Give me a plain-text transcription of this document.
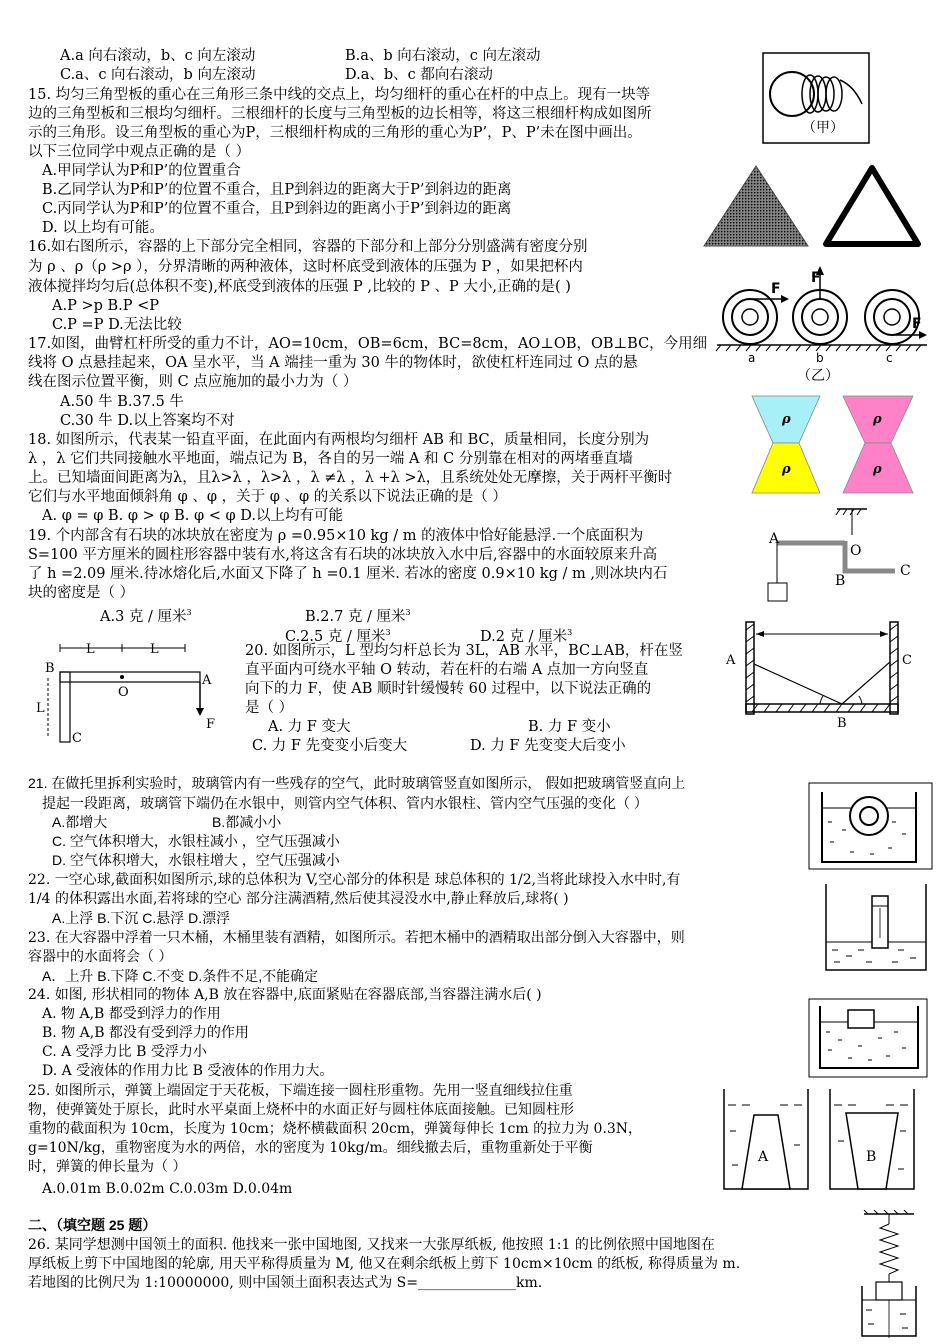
A.a 向右滚动，b、c 向左滚动	B.a、b 向右滚动，c 向左滚动
C.a、c 向右滚动，b 向左滚动	D.a、b、c 都向右滚动
15. 均匀三角型板的重心在三角形三条中线的交点上，均匀细杆的重心在杆的中点上。现有一块等
边的三角型板和三根均匀细杆。三根细杆的长度与三角型板的边长相等，将这三根细杆构成如图所
示的三角形。设三角型板的重心为P，三根细杆构成的三角形的重心为P’，P、P’未在图中画出。
以下三位同学中观点正确的是（ ）
A.甲同学认为P和P’的位置重合
B.乙同学认为P和P’的位置不重合，且P到斜边的距离大于P’到斜边的距离
C.丙同学认为P和P’的位置不重合，且P到斜边的距离小于P’到斜边的距离
D. 以上均有可能。
16.如右图所示，容器的上下部分完全相同，容器的下部分和上部分分别盛满有密度分别
为 ρ 、ρ（ρ >ρ ），分界清晰的两种液体，这时杯底受到液体的压强为 P ，如果把杯内
液体搅拌均匀后(总体积不变),杯底受到液体的压强 P ,比较的 P 、P 大小,正确的是( )
A.P >p B.P <P
C.P =P D.无法比较
17.如图，曲臂杠杆所受的重力不计，AO=10cm，OB=6cm，BC=8cm，AO⊥OB，OB⊥BC，今用细
线将 O 点悬挂起来，OA 呈水平，当 A 端挂一重为 30 牛的物体时，欲使杠杆连同过 O 点的悬
线在图示位置平衡，则 C 点应施加的最小力为（ ）
A.50 牛 B.37.5 牛
C.30 牛 D.以上答案均不对
18. 如图所示，代表某一铅直平面，在此面内有两根均匀细杆 AB 和 BC，质量相同，长度分别为
λ ，λ 它们共同接触水平地面，端点记为 B，各自的另一端 A 和 C 分别靠在相对的两堵垂直墙
上。已知墙面间距离为λ，且λ>λ ，λ>λ ，λ ≠λ ，λ +λ >λ，且系统处处无摩擦，关于两杆平衡时
它们与水平地面倾斜角 φ 、φ ，关于 φ 、φ 的关系以下说法正确的是（ ）
A. φ = φ B. φ > φ B. φ < φ D.以上均有可能
19. 个内部含有石块的冰块放在密度为 ρ =0.95×10 kg / m 的液体中恰好能悬浮.一个底面积为
S=100 平方厘米的圆柱形容器中装有水,将这含有石块的冰块放入水中后,容器中的水面较原来升高
了 h =2.09 厘米.待冰熔化后,水面又下降了 h =0.1 厘米. 若冰的密度 0.9×10 kg / m ,则冰块内石
块的密度是（ ）
A.3 克 / 厘米$^3$	B.2.7 克 / 厘米$^3$
C.2.5 克 / 厘米$^3$	D.2 克 / 厘米$^3$
20. 如图所示，L 型均匀杆总长为 3L，AB 水平，BC⊥AB，杆在竖
直平面内可绕水平轴 O 转动，若在杆的右端 A 点加一方向竖直
向下的力 F，使 AB 顺时针缓慢转 60 过程中，以下说法正确的
是（ ）
A. 力 F 变大	B. 力 F 变小
C. 力 F 先变变小后变大	D. 力 F 先变变大后变小
21. 在做托里拆利实验时，玻璃管内有一些残存的空气，此时玻璃管竖直如图所示， 假如把玻璃管竖直向上
提起一段距离，玻璃管下端仍在水银中，则管内空气体积、管内水银柱、管内空气压强的变化（ ）
A.都增大	B.都减小小
C. 空气体积增大，水银柱减小 ，空气压强减小
D. 空气体积增大，水银柱增大 ，空气压强减小
22. 一空心球,截面积如图所示,球的总体积为 V,空心部分的体积是 球总体积的 1/2,当将此球投入水中时,有
1/4 的体积露出水面,若将球的空心 部分注满酒精,然后使其浸没水中,静止释放后,球将( )
A.上浮 B.下沉 C.悬浮 D.漂浮
23. 在大容器中浮着一只木桶，木桶里装有酒精，如图所示。若把木桶中的酒精取出部分倒入大容器中，则
容器中的水面将会（ ）
A．上升 B.下降 C.不变 D.条件不足,不能确定
24. 如图, 形状相同的物体 A,B 放在容器中,底面紧贴在容器底部,当容器注满水后( )
A. 物 A,B 都受到浮力的作用
B. 物 A,B 都没有受到浮力的作用
C. A 受浮力比 B 受浮力小
D. A 受液体的作用力比 B 受液体的作用力大。
25. 如图所示，弹簧上端固定于天花板，下端连接一圆柱形重物。先用一竖直细线拉住重
物，使弹簧处于原长，此时水平桌面上烧杯中的水面正好与圆柱体底面接触。已知圆柱形
重物的截面积为 10cm，长度为 10cm；烧杯横截面积 20cm，弹簧每伸长 1cm 的拉力为 0.3N，
g=10N/kg，重物密度为水的两倍，水的密度为 10kg/m。细线撤去后，重物重新处于平衡
时，弹簧的伸长量为（ ）
A.0.01m B.0.02m C.0.03m D.0.04m
二、（填空题 25 题）
26. 某同学想测中国领土的面积. 他找来一张中国地图, 又找来一大张厚纸板, 他按照 1:1 的比例依照中国地图在
厚纸板上剪下中国地图的轮廓, 用天平称得质量为 M, 他又在剩余纸板上剪下 10cm×10cm 的纸板, 称得质量为 m.
若地图的比例尺为 1:10000000, 则中国领土面积表达式为 S=______________km.
（甲）
F
F
F
a	b	c
（乙）
ρ
ρ
ρ
ρ
A
O
B
C
A
B
C
B
A
O
C
L	L
L
F
A	B
